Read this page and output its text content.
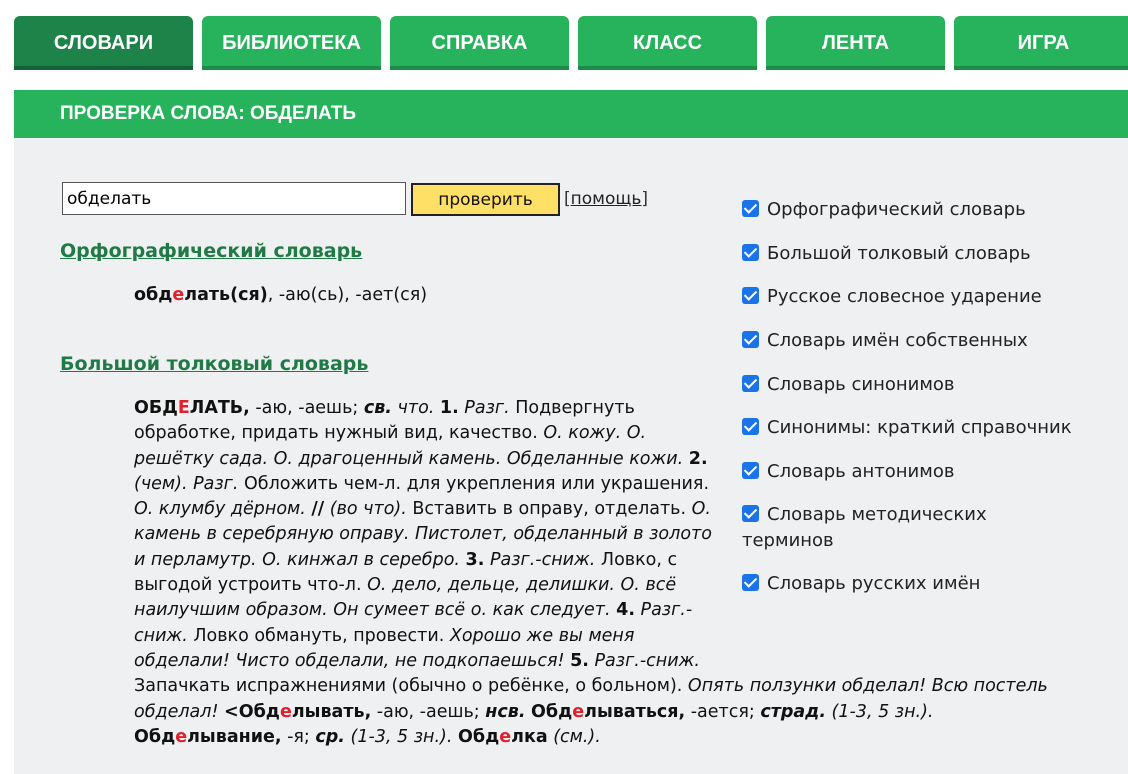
СЛОВАРИ	БИБЛИОТЕКА	СПРАВКА	КЛАСС	ЛЕНТА	ИГРА
ПРОВЕРКА СЛОВА: ОБДЕЛАТЬ
обделать
проверить	[помощь]
Орфографический словарь
обделать(ся), -аю(сь), -ает(ся)
Большой толковый словарь
ОБДЕЛАТЬ, -аю, -аешь; св. что. 1. Разг. Подвергнуть обработке, придать нужный вид, качество. О. кожу. О. решётку сада. О. драгоценный камень. Обделанные кожи. 2. (чем). Разг. Обложить чем-л. для укрепления или украшения. О. клумбу дёрном. // (во что). Вставить в оправу, отделать. О. камень в серебряную оправу. Пистолет, обделанный в золото и перламутр. О. кинжал в серебро. 3. Разг.-сниж. Ловко, с выгодой устроить что-л. О. дело, дельце, делишки. О. всё наилучшим образом. Он сумеет всё о. как следует. 4. Разг.-сниж. Ловко обмануть, провести. Хорошо же вы меня обделали! Чисто обделали, не подкопаешься! 5. Разг.-сниж. Запачкать испражнениями (обычно о ребёнке, о больном). Опять ползунки обделал! Всю постель обделал! <Обделывать, -аю, -аешь; нсв. Обделываться, -ается; страд. (1-3, 5 зн.). Обделывание, -я; ср. (1-3, 5 зн.). Обделка (см.).
Орфографический словарь
Большой толковый словарь
Русское словесное ударение
Словарь имён собственных
Словарь синонимов
Синонимы: краткий справочник
Словарь антонимов
Словарь методических терминов
Словарь русских имён
